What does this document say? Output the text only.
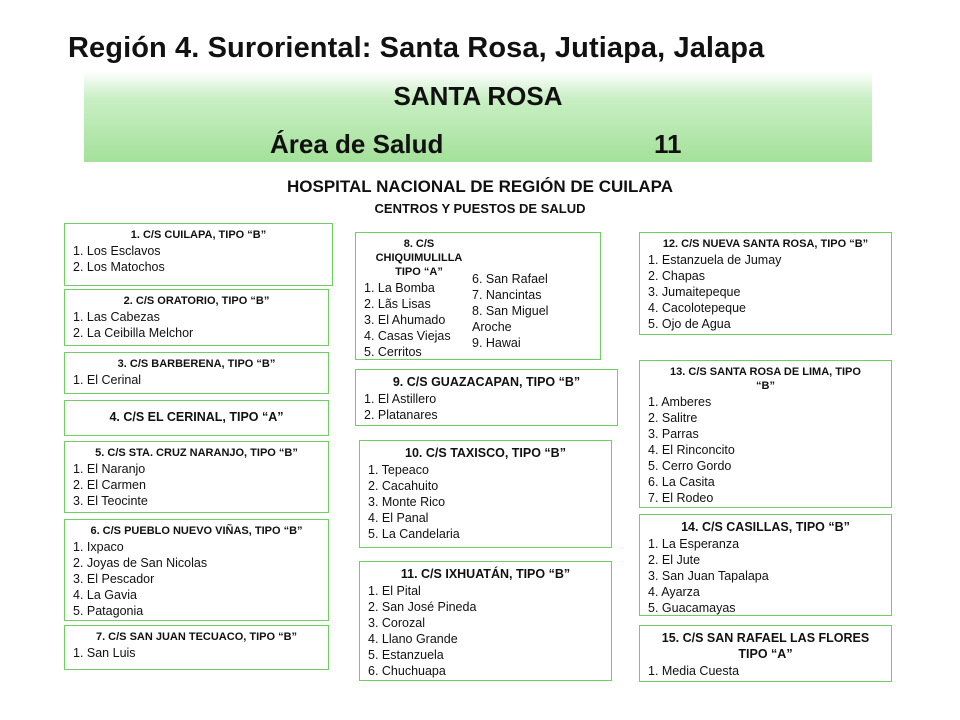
Región 4. Suroriental: Santa Rosa, Jutiapa, Jalapa
SANTA ROSA
Área de Salud	11
HOSPITAL NACIONAL DE REGIÓN DE CUILAPA
CENTROS Y PUESTOS DE SALUD
1. C/S CUILAPA, TIPO “B”
1. Los Esclavos
2. Los Matochos
2. C/S ORATORIO, TIPO “B”
1. Las Cabezas
2. La Ceibilla Melchor
3. C/S BARBERENA, TIPO “B”
1. El Cerinal
4. C/S EL CERINAL, TIPO “A”
5. C/S STA. CRUZ NARANJO, TIPO “B”
1. El Naranjo
2. El Carmen
3. El Teocinte
6. C/S PUEBLO NUEVO VIÑAS, TIPO “B”
1. Ixpaco
2. Joyas de San Nicolas
3. El Pescador
4. La Gavia
5. Patagonia
7. C/S SAN JUAN TECUACO, TIPO “B”
1. San Luis
8. C/S
CHIQUIMULILLA
TIPO “A”
1. La Bomba
2. Lãs Lisas
3. El Ahumado
4. Casas Viejas
5. Cerritos
6. San Rafael
7. Nancintas
8. San Miguel
Aroche
9. Hawai
9. C/S GUAZACAPAN, TIPO “B”
1. El Astillero
2. Platanares
10. C/S TAXISCO, TIPO “B”
1. Tepeaco
2. Cacahuito
3. Monte Rico
4. El Panal
5. La Candelaria
11. C/S IXHUATÁN, TIPO “B”
1. El Pital
2. San José Pineda
3. Corozal
4. Llano Grande
5. Estanzuela
6. Chuchuapa
12. C/S NUEVA SANTA ROSA, TIPO “B”
1. Estanzuela de Jumay
2. Chapas
3. Jumaitepeque
4. Cacolotepeque
5. Ojo de Agua
13. C/S SANTA ROSA DE LIMA, TIPO
“B”
1. Amberes
2. Salitre
3. Parras
4. El Rinconcito
5. Cerro Gordo
6. La Casita
7. El Rodeo
14. C/S CASILLAS, TIPO “B”
1. La Esperanza
2. El Jute
3. San Juan Tapalapa
4. Ayarza
5. Guacamayas
15. C/S SAN RAFAEL LAS FLORES
TIPO “A”
1. Media Cuesta
